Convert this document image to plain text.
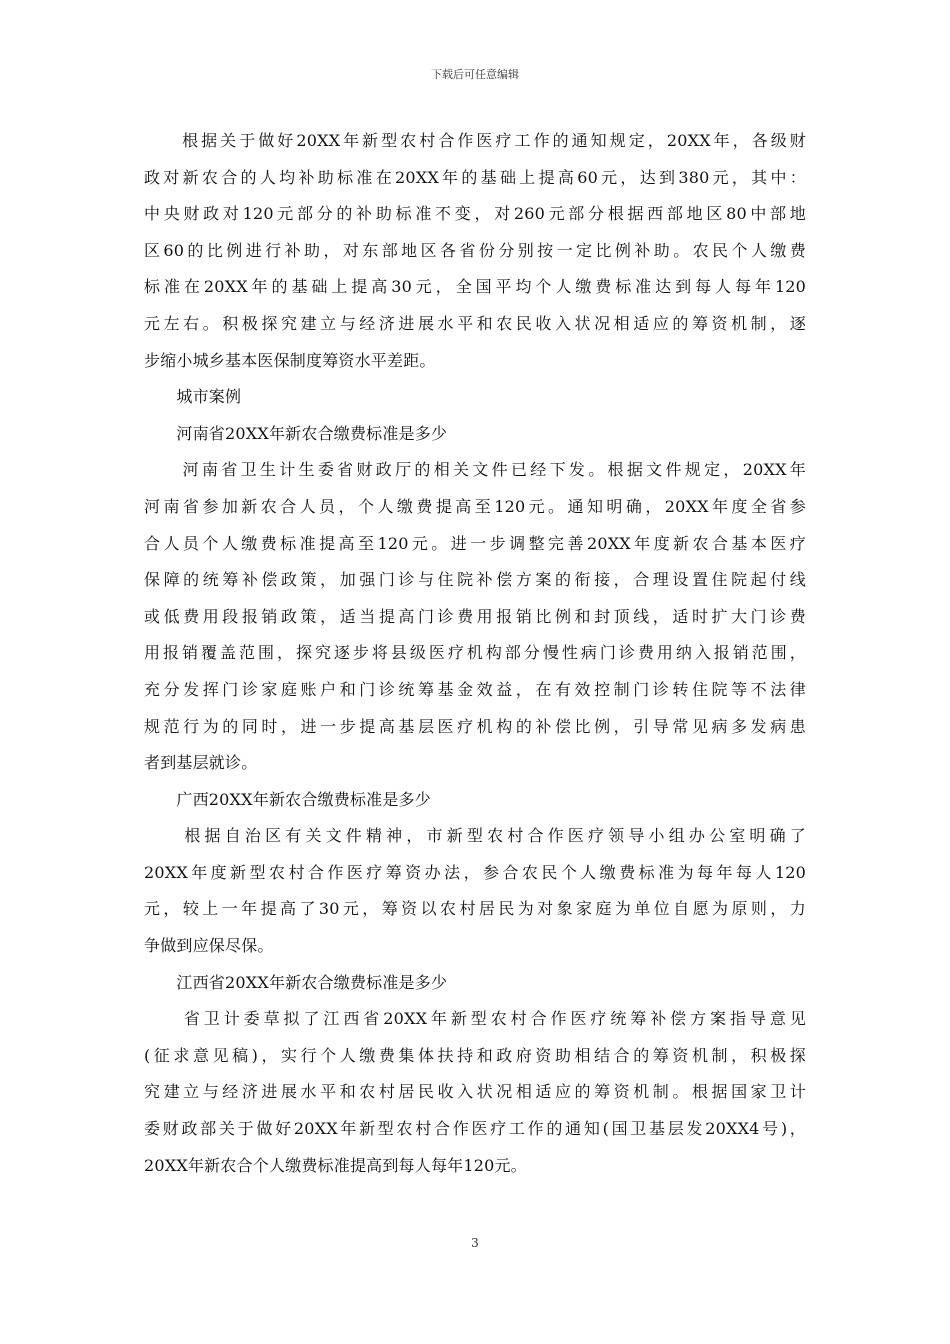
下载后可任意编辑
　　根据关于做好20XX年新型农村合作医疗工作的通知规定，20XX年，各级财
政对新农合的人均补助标准在20XX年的基础上提高60元，达到380元，其中：
中央财政对120元部分的补助标准不变，对260元部分根据西部地区80中部地
区60的比例进行补助，对东部地区各省份分别按一定比例补助。农民个人缴费
标准在20XX年的基础上提高30元，全国平均个人缴费标准达到每人每年120
元左右。积极探究建立与经济进展水平和农民收入状况相适应的筹资机制，逐
步缩小城乡基本医保制度筹资水平差距。
　　城市案例
　　河南省20XX年新农合缴费标准是多少
　　河南省卫生计生委省财政厅的相关文件已经下发。根据文件规定，20XX年
河南省参加新农合人员，个人缴费提高至120元。通知明确，20XX年度全省参
合人员个人缴费标准提高至120元。进一步调整完善20XX年度新农合基本医疗
保障的统筹补偿政策，加强门诊与住院补偿方案的衔接，合理设置住院起付线
或低费用段报销政策，适当提高门诊费用报销比例和封顶线，适时扩大门诊费
用报销覆盖范围，探究逐步将县级医疗机构部分慢性病门诊费用纳入报销范围，
充分发挥门诊家庭账户和门诊统筹基金效益，在有效控制门诊转住院等不法律
规范行为的同时，进一步提高基层医疗机构的补偿比例，引导常见病多发病患
者到基层就诊。
　　广西20XX年新农合缴费标准是多少
　　根据自治区有关文件精神，市新型农村合作医疗领导小组办公室明确了
20XX年度新型农村合作医疗筹资办法，参合农民个人缴费标准为每年每人120
元，较上一年提高了30元，筹资以农村居民为对象家庭为单位自愿为原则，力
争做到应保尽保。
　　江西省20XX年新农合缴费标准是多少
　　省卫计委草拟了江西省20XX年新型农村合作医疗统筹补偿方案指导意见
(征求意见稿)，实行个人缴费集体扶持和政府资助相结合的筹资机制，积极探
究建立与经济进展水平和农村居民收入状况相适应的筹资机制。根据国家卫计
委财政部关于做好20XX年新型农村合作医疗工作的通知(国卫基层发20XX4号)，
20XX年新农合个人缴费标准提高到每人每年120元。
3
